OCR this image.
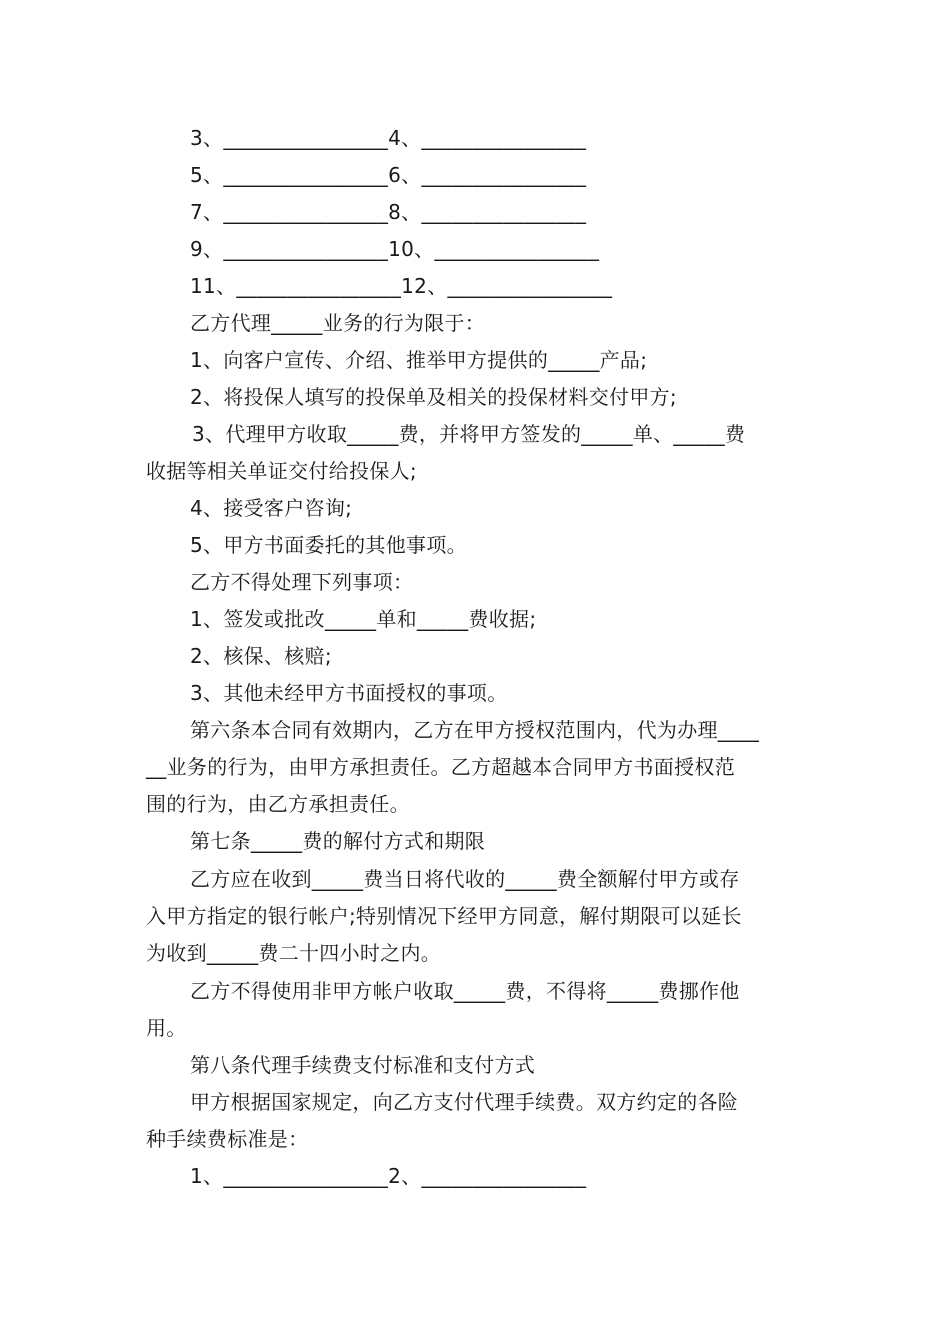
3、________________4、________________
5、________________6、________________
7、________________8、________________
9、________________10、________________
11、________________12、________________
乙方代理_____业务的行为限于：
1、向客户宣传、介绍、推举甲方提供的_____产品;
2、将投保人填写的投保单及相关的投保材料交付甲方;
3、代理甲方收取_____费，并将甲方签发的_____单、_____费
收据等相关单证交付给投保人;
4、接受客户咨询;
5、甲方书面委托的其他事项。
乙方不得处理下列事项：
1、签发或批改_____单和_____费收据;
2、核保、核赔;
3、其他未经甲方书面授权的事项。
第六条本合同有效期内，乙方在甲方授权范围内，代为办理____
__业务的行为，由甲方承担责任。乙方超越本合同甲方书面授权范
围的行为，由乙方承担责任。
第七条_____费的解付方式和期限
乙方应在收到_____费当日将代收的_____费全额解付甲方或存
入甲方指定的银行帐户;特别情况下经甲方同意，解付期限可以延长
为收到_____费二十四小时之内。
乙方不得使用非甲方帐户收取_____费，不得将_____费挪作他
用。
第八条代理手续费支付标准和支付方式
甲方根据国家规定，向乙方支付代理手续费。双方约定的各险
种手续费标准是：
1、________________2、________________
